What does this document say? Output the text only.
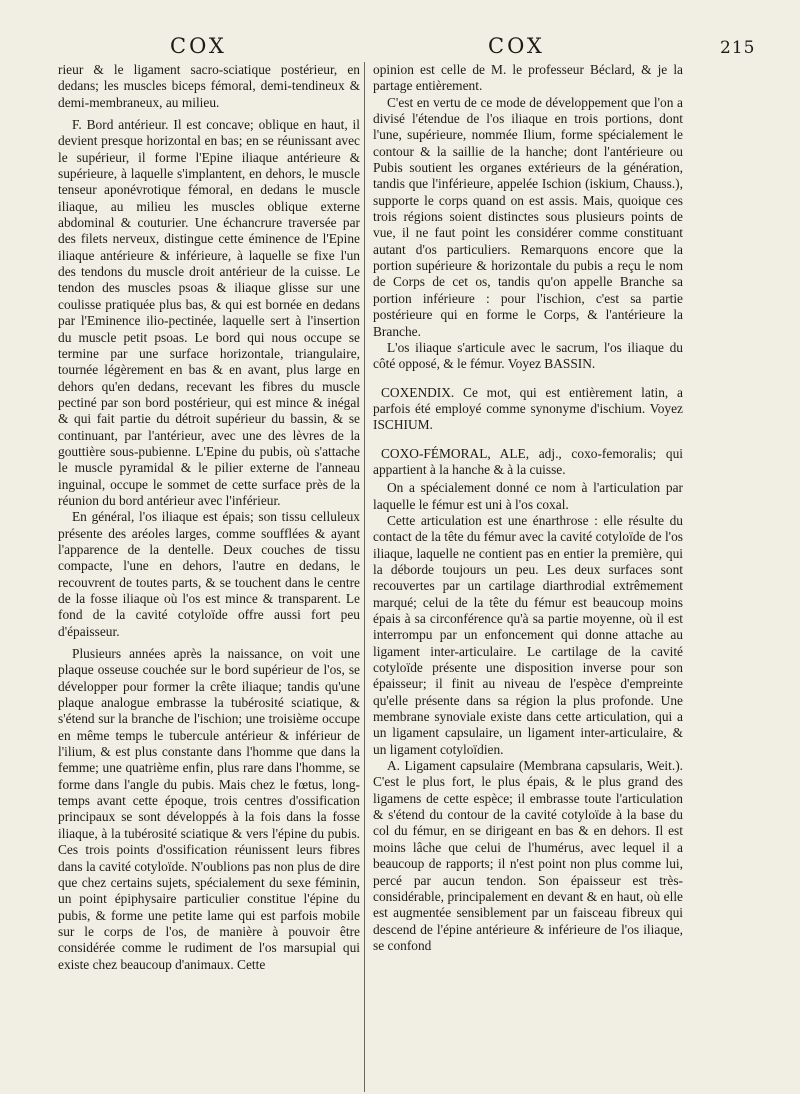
COX	COX	215

rieur & le ligament sacro-sciatique postérieur, en dedans; les muscles biceps fémoral, demi-tendineux & demi-membraneux, au milieu.

F. Bord antérieur. Il est concave; oblique en haut, il devient presque horizontal en bas; en se réunissant avec le supérieur, il forme l'Epine iliaque antérieure & supérieure, à laquelle s'implantent, en dehors, le muscle tenseur aponévrotique fémoral, en dedans le muscle iliaque, au milieu les muscles oblique externe abdominal & couturier. Une échancrure traversée par des filets nerveux, distingue cette éminence de l'Epine iliaque antérieure & inférieure, à laquelle se fixe l'un des tendons du muscle droit antérieur de la cuisse. Le tendon des muscles psoas & iliaque glisse sur une coulisse pratiquée plus bas, & qui est bornée en dedans par l'Eminence ilio-pectinée, laquelle sert à l'insertion du muscle petit psoas. Le bord qui nous occupe se termine par une surface horizontale, triangulaire, tournée légèrement en bas & en avant, plus large en dehors qu'en dedans, recevant les fibres du muscle pectiné par son bord postérieur, qui est mince & inégal & qui fait partie du détroit supérieur du bassin, & se continuant, par l'antérieur, avec une des lèvres de la gouttière sous-pubienne. L'Epine du pubis, où s'attache le muscle pyramidal & le pilier externe de l'anneau inguinal, occupe le sommet de cette surface près de la réunion du bord antérieur avec l'inférieur.

En général, l'os iliaque est épais; son tissu celluleux présente des aréoles larges, comme soufflées & ayant l'apparence de la dentelle. Deux couches de tissu compacte, l'une en dehors, l'autre en dedans, le recouvrent de toutes parts, & se touchent dans le centre de la fosse iliaque où l'os est mince & transparent. Le fond de la cavité cotyloïde offre aussi fort peu d'épaisseur.

Plusieurs années après la naissance, on voit une plaque osseuse couchée sur le bord supérieur de l'os, se développer pour former la crête iliaque; tandis qu'une plaque analogue embrasse la tubérosité sciatique, & s'étend sur la branche de l'ischion; une troisième occupe en même temps le tubercule antérieur & inférieur de l'ilium, & est plus constante dans l'homme que dans la femme; une quatrième enfin, plus rare dans l'homme, se forme dans l'angle du pubis. Mais chez le fœtus, long-temps avant cette époque, trois centres d'ossification principaux se sont développés à la fois dans la fosse iliaque, à la tubérosité sciatique & vers l'épine du pubis. Ces trois points d'ossification réunissent leurs fibres dans la cavité cotyloïde. N'oublions pas non plus de dire que chez certains sujets, spécialement du sexe féminin, un point épiphysaire particulier constitue l'épine du pubis, & forme une petite lame qui est parfois mobile sur le corps de l'os, de manière à pouvoir être considérée comme le rudiment de l'os marsupial qui existe chez beaucoup d'animaux. Cette

opinion est celle de M. le professeur Béclard, & je la partage entièrement.

C'est en vertu de ce mode de développement que l'on a divisé l'étendue de l'os iliaque en trois portions, dont l'une, supérieure, nommée Ilium, forme spécialement le contour & la saillie de la hanche; dont l'antérieure ou Pubis soutient les organes extérieurs de la génération, tandis que l'inférieure, appelée Ischion (iskium, Chauss.), supporte le corps quand on est assis. Mais, quoique ces trois régions soient distinctes sous plusieurs points de vue, il ne faut point les considérer comme constituant autant d'os particuliers. Remarquons encore que la portion supérieure & horizontale du pubis a reçu le nom de Corps de cet os, tandis qu'on appelle Branche sa portion inférieure : pour l'ischion, c'est sa partie postérieure qui en forme le Corps, & l'antérieure la Branche.

L'os iliaque s'articule avec le sacrum, l'os iliaque du côté opposé, & le fémur. Voyez BASSIN.

COXENDIX. Ce mot, qui est entièrement latin, a parfois été employé comme synonyme d'ischium. Voyez ISCHIUM.

COXO-FÉMORAL, ALE, adj., coxo-femoralis; qui appartient à la hanche & à la cuisse.

On a spécialement donné ce nom à l'articulation par laquelle le fémur est uni à l'os coxal.

Cette articulation est une énarthrose : elle résulte du contact de la tête du fémur avec la cavité cotyloïde de l'os iliaque, laquelle ne contient pas en entier la première, qui la déborde toujours un peu. Les deux surfaces sont recouvertes par un cartilage diarthrodial extrêmement marqué; celui de la tête du fémur est beaucoup moins épais à sa circonférence qu'à sa partie moyenne, où il est interrompu par un enfoncement qui donne attache au ligament inter-articulaire. Le cartilage de la cavité cotyloïde présente une disposition inverse pour son épaisseur; il finit au niveau de l'espèce d'empreinte qu'elle présente dans sa région la plus profonde. Une membrane synoviale existe dans cette articulation, qui a un ligament capsulaire, un ligament inter-articulaire, & un ligament cotyloïdien.

A. Ligament capsulaire (Membrana capsularis, Weit.). C'est le plus fort, le plus épais, & le plus grand des ligamens de cette espèce; il embrasse toute l'articulation & s'étend du contour de la cavité cotyloïde à la base du col du fémur, en se dirigeant en bas & en dehors. Il est moins lâche que celui de l'humérus, avec lequel il a beaucoup de rapports; il n'est point non plus comme lui, percé par aucun tendon. Son épaisseur est très-considérable, principalement en devant & en haut, où elle est augmentée sensiblement par un faisceau fibreux qui descend de l'épine antérieure & inférieure de l'os iliaque, se confond
